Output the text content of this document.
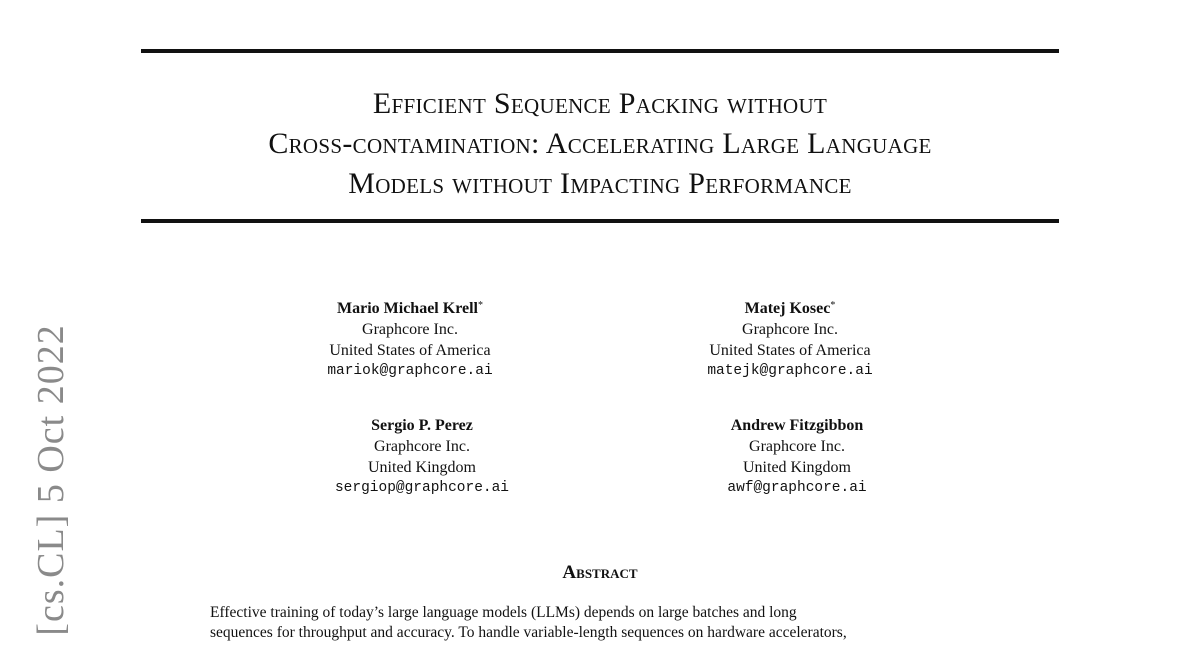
Efficient Sequence Packing without
Cross-contamination: Accelerating Large Language
Models without Impacting Performance
Mario Michael Krell*
Graphcore Inc.
United States of America
mariok@graphcore.ai
Matej Kosec*
Graphcore Inc.
United States of America
matejk@graphcore.ai
Sergio P. Perez
Graphcore Inc.
United Kingdom
sergiop@graphcore.ai
Andrew Fitzgibbon
Graphcore Inc.
United Kingdom
awf@graphcore.ai
Abstract
Effective training of today’s large language models (LLMs) depends on large batches and long
sequences for throughput and accuracy. To handle variable-length sequences on hardware accelerators,
[cs.CL] 5 Oct 2022
